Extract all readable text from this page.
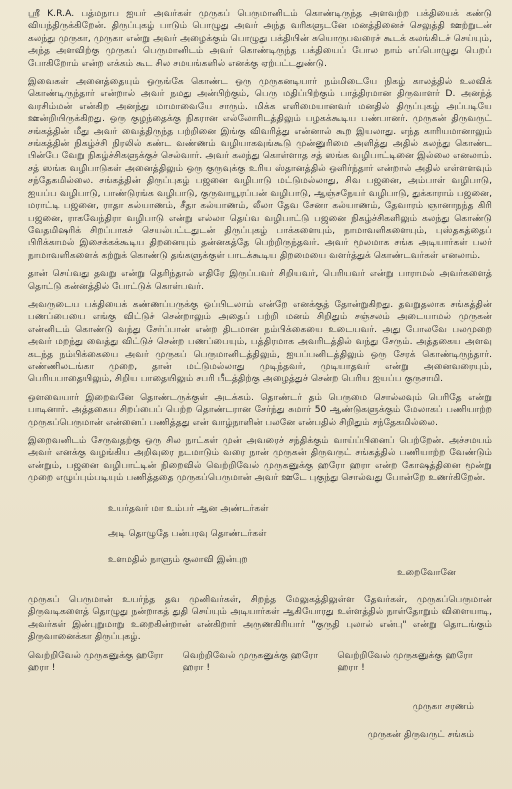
ஸ்ரீ K.R.A. பத்மநாப ஐயர் அவர்கள் முருகப் பெருமானிடம் கொண்டிருந்த அளவற்ற பக்தியைக் கண்டு வியந்திருக்கிறேன். திருப்புகழ் பாடும் பொழுது அவர் அந்த வரிகளுடனே மனத்தினைச் செலுத்தி ஊற்றுடன் கலந்து முருகா, முருகா என்று அவர் அழைக்கும் பொழுது பக்தியின் சுயொருபவரைச் கூடக் கலங்கிடச் செய்யும், அந்த அளவிற்கு முருகப் பெருமானிடம் அவர் கொண்டிருந்த பக்தியைப் போல நாம் எப்பொழுது பெறப் போகிறோம் என்ற எக்கம் கூட சில சமயங்களில் எனக்கு ஏற்பட்டதுண்டு.

இவைகள் அனைத்தையும் ஒருங்கே கொண்ட ஒரு முருகனடியார் நம்மிடையே நிகழ் காலத்தில் உலவிக் கொண்டிருந்தார் என்றால் அவர் நமது அன்பிற்கும், பெரு மதிப்பிற்கும் பாத்திரமான திருவாளர் D. அனந்த் வரசிம்மன் என்கிற அனந்து மாமாவையே சாரும். மிக்க எளிமையானவர் மனதில் திருப்புகழ் அப்படியே ஊன்றியிருக்கிறது. ஒரு குழந்தைக்கு நிகரான எல்லோரிடத்திலும் பழகக்கூடிய பண்பானர். முருகன் திருவருட் சங்கத்தின் மீது அவர் வைத்திருந்த பற்றினை இங்கு விவரித்து என்னால் கூற இயலாது. எந்த காரியமானாலும் சங்கத்தின் நிகழ்ச்சி நிரலில் கண்ட வண்ணம் வழியாகவுங்கூடு முன்னுரிமை அளித்து அதில் கலந்து கொண்ட பின்பே வேறு நிகழ்ச்சிகளுக்குச் செல்வார். அவர் கலந்து கொள்ளாத சத் ஸங்க வழிபாட்டினை இல்லை எனலாம். சத் ஸங்க வழிபாடுகள் அனைத்திலும் ஒரு குருவுக்கு உரிய ஸ்தானத்தில் ஒளிர்ந்தார் என்றால் அதில் எள்ளளவும் சந்தேகமில்லை. சங்கத்தின் திருப்புகழ் பஜனை வழிபாடு மட்டுமல்லாது, சிவ பஜனை, அம்பாள் வழிபாடு, ஐயப்ப வழிபாடு, பாண்டுரங்க வழிபாடு, குருவாயூரப்பன் வழிபாடு, ஆஞ்சநேயர் வழிபாடு, துக்காராம் பஜனை, மராட்டி பஜனை, ராதா கல்யாணம், சீதா கல்யாணம், லீலா தேவ சேனா கல்யாணம், தேவாரம் ஞானாநந்த கிரி பஜனை, ராகவேந்திரா வழிபாடு என்று எல்லா தெய்வ வழிபாட்டு பஜனை நிகழ்ச்சிகளிலும் கலந்து கொண்டு வேதமிஷரிக் சிறப்பாகச் செயல்பட்டதுடன் திருப்புகழ் பாக்களையும், நாமாவளிகளையும், புஸ்தகத்தைப் பிரிக்காமல் இசைக்கக்கூடிய திறனையும் தன்னகத்தே பெற்றிருந்தவர். அவர் மூலமாக சங்க அடியார்கள் பலர் நாமாவளிகளைக் கற்றுக் கொண்டு தங்களுக்குள் பாடக்கூடிய திறமையை வளர்த்துக் கொண்டவர்கள் எனலாம்.

தான் செய்வது தவறு என்று தெரிந்தால் எதிரே இருப்பவர் சிறியவர், பெரியவர் என்று பாராமல் அவர்களைத் தொட்டு கன்னத்தில் போட்டுக் கொள்பவர்.

அவருடைய பக்தியைக் கண்ணப்பருக்கு ஒப்பிடலாம் என்றே எனக்குத் தோன்றுகிறது. தவறுதலாக சங்கத்தின் பணப்பையை எங்கு விட்டுச் சென்றாலும் அதைப் பற்றி மனம் சிறிதும் சஞ்சலம் அடையாமல் முருகன் என்னிடம் கொண்டு வந்து சேர்ப்பான் என்ற திடமான நம்பிக்கையை உடையவர். அது போலவே பலமுறை அவர் மறந்து வைத்து விட்டுச் சென்ற பணப்பையும், பத்திரமாக அவரிடத்தில் வந்து சேரும். அத்தகைய அளவு கடந்த நம்பிக்கையை அவர் முருகப் பெருமானிடத்திலும், ஐயப்பனிடத்திலும் ஒரு சேரக் கொண்டிருந்தார். எண்ணிலடங்கா முறை, தான் மட்டுமல்லாது முடிந்தவர், முடியாதவர் என்று அனைவரையும், பெரியபாதையிலும், சிறிய பாதையிலும் சபரி பீடத்திற்கு அழைத்துச் சென்ற பெரிய ஐயப்ப குருசாமி.

ஒளவையார் இறைவனே தொண்டருக்குள் அடக்கம். தொண்டர் தம் பெருமை சொல்லவும் பெரிதே என்று பாடினார். அத்தகைய சிறப்பைப் பெற்ற தொண்டரான சேர்ந்து சுமார் 50 ஆண்டுகளுக்கும் மேலாகப் பணியாற்ற முருகப்பெருமான் என்னைப் பணித்தது என் வாழ்நாளின் பலனே என்பதில் சிறிதும் சந்தேகமில்லை.

இறைவனிடம் சேருவதற்கு ஒரு சில நாட்கள் முன் அவரைச் சந்திக்கும் வாய்ப்பினைப் பெற்றேன். அச்சமயம் அவர் எனக்கு வழங்கிய அறிவுரை நடமாடும் வரை நான் முருகன் திருவருட் சங்கத்தில் பணியாற்ற வேண்டும் என்றும், பஜனை வழிபாட்டின் நிறைவில் வெற்றிவேல் முருகனுக்கு ஹரோ ஹரா என்ற கோஷத்தினை மூன்று முறை எழுப்பும்படியும் பணித்ததை முருகப்பெருமான் அவர் ஊடே புகுந்து சொல்வது போன்றே உணர்கிறேன்.

உயர்தவர் மா உம்பர் ஆன அண்டர்கள்

அடி தொழுதே பன்பரவு தொண்டர்கள்

உளமதில் நாளும் குலாவி இன்புற

உறைவோனே

முருகப் பெருமான் உயர்ந்த தவ முனிவர்கள், சிறந்த மேலுகத்திலுள்ள தேவர்கள், முருகப்பெருமான் திருவடிகளைத் தொழுது நன்றாகத் துதி செய்யும் அடியார்கள் ஆகியோரது உள்ளத்தில் நாள்தோறும் விளையாடி, அவர்கள் இன்புறுமாறு உறைகின்றான் என்கிறார் அருணகிரியார் "குருதி புலால் என்பு" என்று தொடங்கும் திருவானைக்கா திருப்புகழ்.

வெற்றிவேல் முருகனுக்கு ஹரோ ஹரா !
வெற்றிவேல் முருகனுக்கு ஹரோ ஹரா !
வெற்றிவேல் முருகனுக்கு ஹரோ ஹரா !

முருகா சரணம்

முருகன் திருவருட் சங்கம்
